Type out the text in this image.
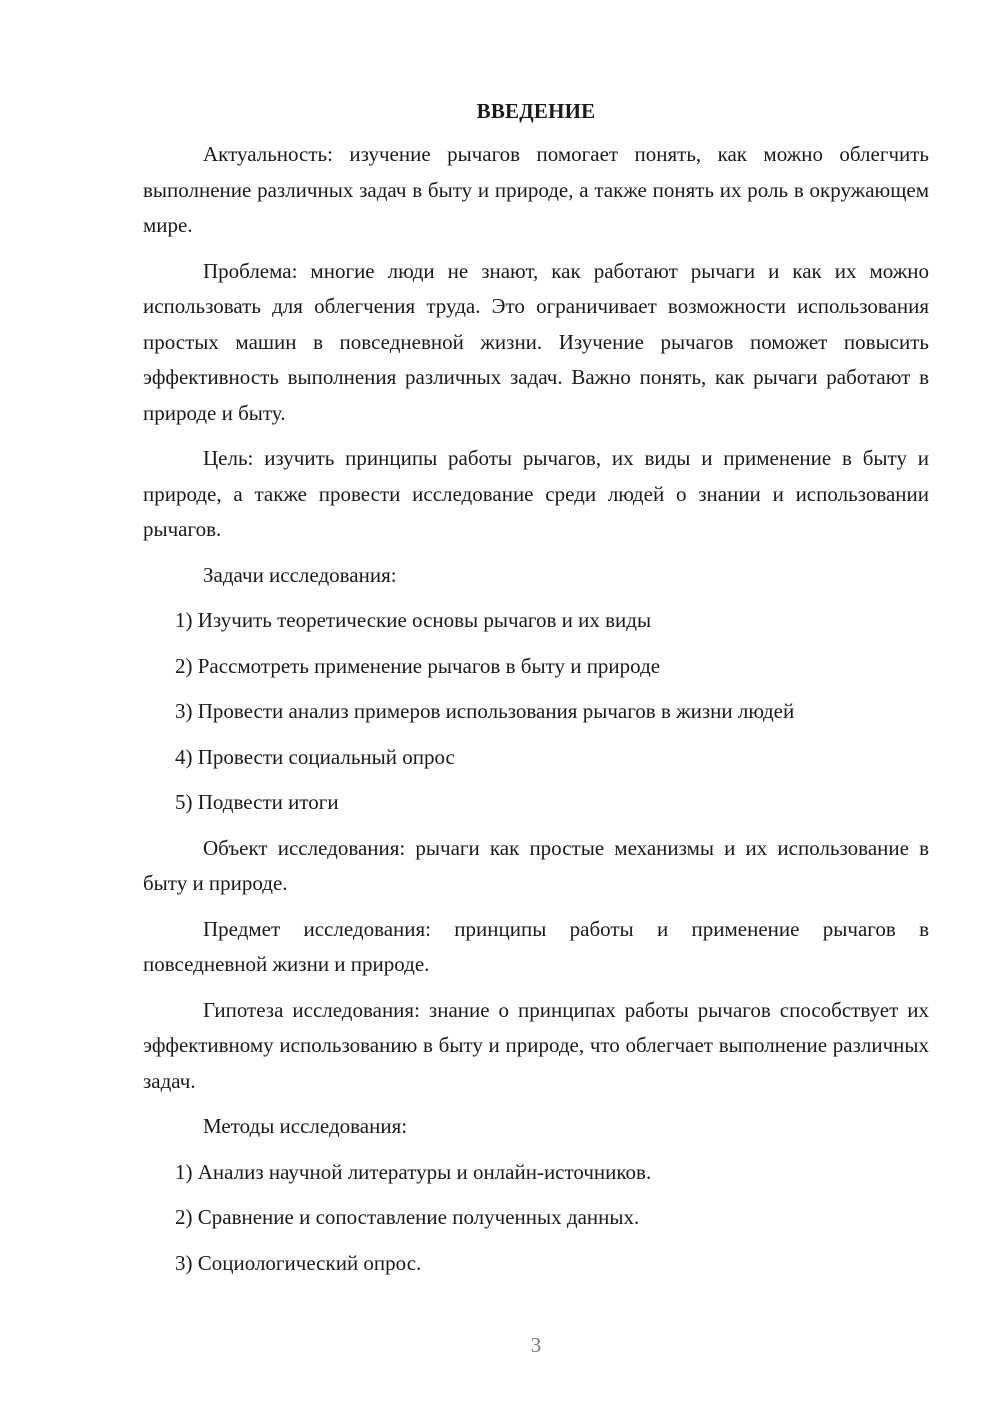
ВВЕДЕНИЕ

Актуальность: изучение рычагов помогает понять, как можно облегчить выполнение различных задач в быту и природе, а также понять их роль в окружающем мире.

Проблема: многие люди не знают, как работают рычаги и как их можно использовать для облегчения труда. Это ограничивает возможности использования простых машин в повседневной жизни. Изучение рычагов поможет повысить эффективность выполнения различных задач. Важно понять, как рычаги работают в природе и быту.

Цель: изучить принципы работы рычагов, их виды и применение в быту и природе, а также провести исследование среди людей о знании и использовании рычагов.

Задачи исследования:

1) Изучить теоретические основы рычагов и их виды

2) Рассмотреть применение рычагов в быту и природе

3) Провести анализ примеров использования рычагов в жизни людей

4) Провести социальный опрос

5) Подвести итоги

Объект исследования: рычаги как простые механизмы и их использование в быту и природе.

Предмет исследования: принципы работы и применение рычагов в повседневной жизни и природе.

Гипотеза исследования: знание о принципах работы рычагов способствует их эффективному использованию в быту и природе, что облегчает выполнение различных задач.

Методы исследования:

1) Анализ научной литературы и онлайн-источников.

2) Сравнение и сопоставление полученных данных.

3) Социологический опрос.

3
